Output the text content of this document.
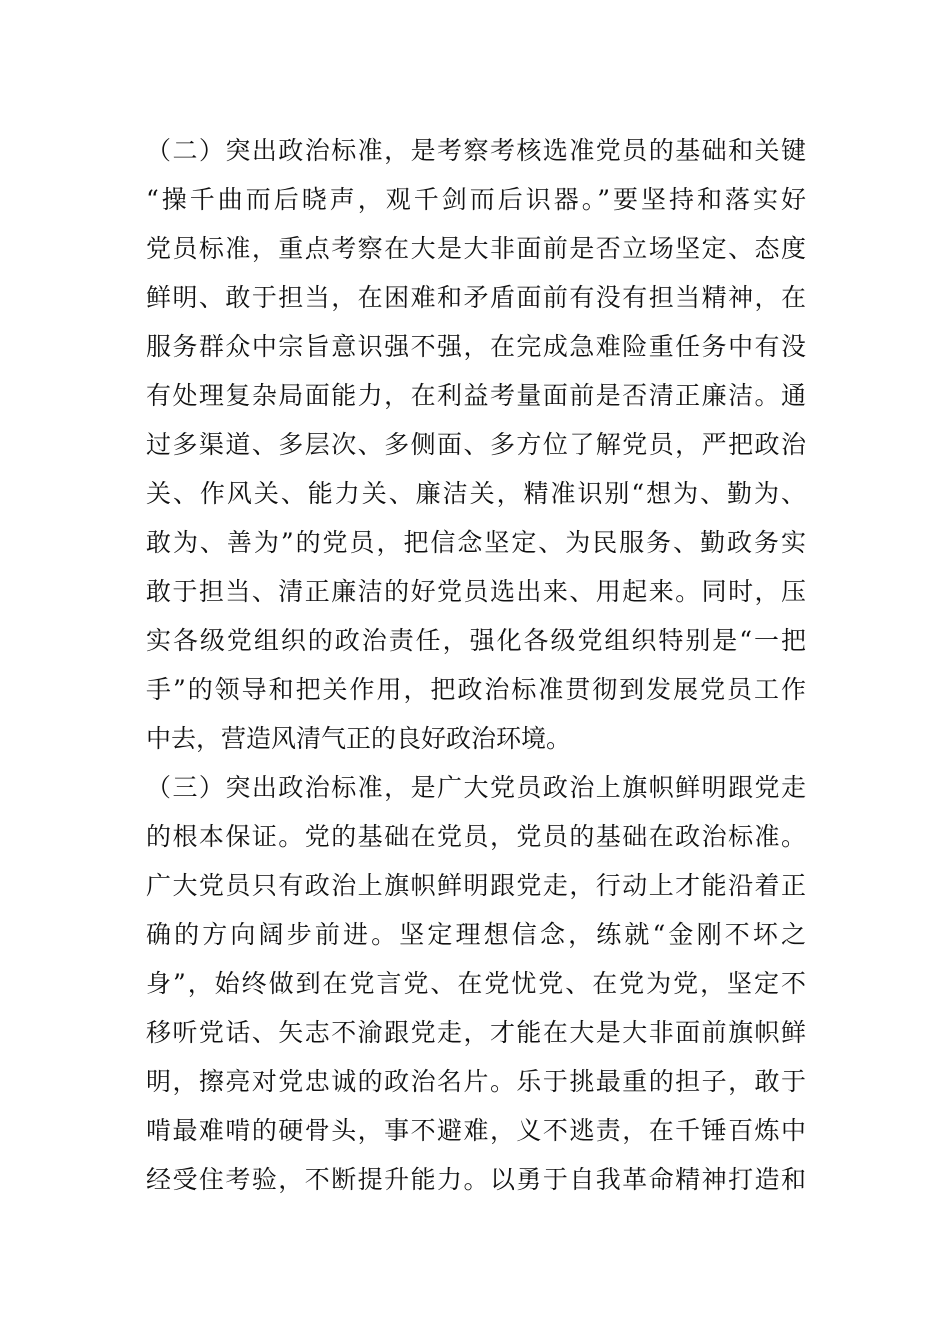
（二）突出政治标准，是考察考核选准党员的基础和关键
“操千曲而后晓声，观千剑而后识器。”要坚持和落实好
党员标准，重点考察在大是大非面前是否立场坚定、态度
鲜明、敢于担当，在困难和矛盾面前有没有担当精神，在
服务群众中宗旨意识强不强，在完成急难险重任务中有没
有处理复杂局面能力，在利益考量面前是否清正廉洁。通
过多渠道、多层次、多侧面、多方位了解党员，严把政治
关、作风关、能力关、廉洁关，精准识别“想为、勤为、
敢为、善为”的党员，把信念坚定、为民服务、勤政务实
敢于担当、清正廉洁的好党员选出来、用起来。同时，压
实各级党组织的政治责任，强化各级党组织特别是“一把
手”的领导和把关作用，把政治标准贯彻到发展党员工作
中去，营造风清气正的良好政治环境。
（三）突出政治标准，是广大党员政治上旗帜鲜明跟党走
的根本保证。党的基础在党员，党员的基础在政治标准。
广大党员只有政治上旗帜鲜明跟党走，行动上才能沿着正
确的方向阔步前进。坚定理想信念，练就“金刚不坏之
身”，始终做到在党言党、在党忧党、在党为党，坚定不
移听党话、矢志不渝跟党走，才能在大是大非面前旗帜鲜
明，擦亮对党忠诚的政治名片。乐于挑最重的担子，敢于
啃最难啃的硬骨头，事不避难，义不逃责，在千锤百炼中
经受住考验，不断提升能力。以勇于自我革命精神打造和
